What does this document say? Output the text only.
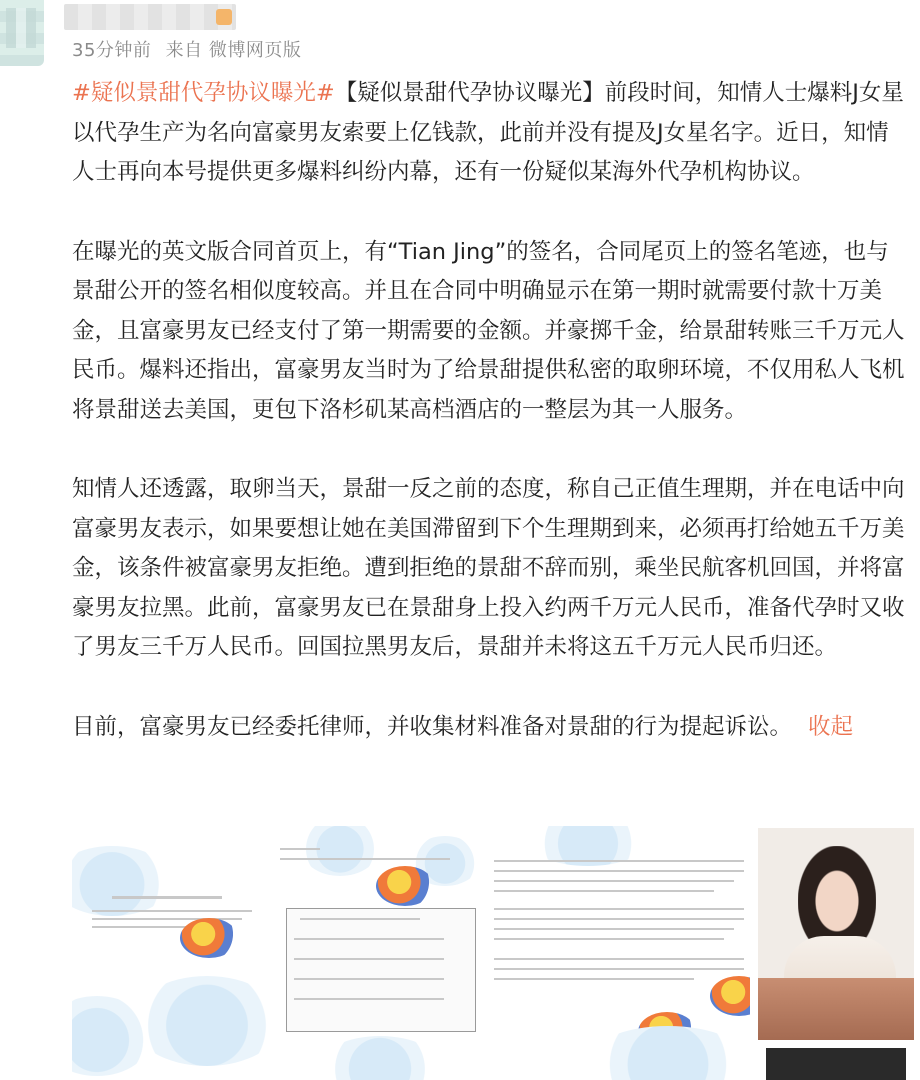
35分钟前 来自 微博网页版

#疑似景甜代孕协议曝光#【疑似景甜代孕协议曝光】前段时间，知情人士爆料J女星以代孕生产为名向富豪男友索要上亿钱款，此前并没有提及J女星名字。近日，知情人士再向本号提供更多爆料纠纷内幕，还有一份疑似某海外代孕机构协议。

在曝光的英文版合同首页上，有“Tian Jing”的签名，合同尾页上的签名笔迹，也与景甜公开的签名相似度较高。并且在合同中明确显示在第一期时就需要付款十万美金，且富豪男友已经支付了第一期需要的金额。并豪掷千金，给景甜转账三千万元人民币。爆料还指出，富豪男友当时为了给景甜提供私密的取卵环境，不仅用私人飞机将景甜送去美国，更包下洛杉矶某高档酒店的一整层为其一人服务。

知情人还透露，取卵当天，景甜一反之前的态度，称自己正值生理期，并在电话中向富豪男友表示，如果要想让她在美国滞留到下个生理期到来，必须再打给她五千万美金，该条件被富豪男友拒绝。遭到拒绝的景甜不辞而别，乘坐民航客机回国，并将富豪男友拉黑。此前，富豪男友已在景甜身上投入约两千万元人民币，准备代孕时又收了男友三千万人民币。回国拉黑男友后，景甜并未将这五千万元人民币归还。

目前，富豪男友已经委托律师，并收集材料准备对景甜的行为提起诉讼。 收起
